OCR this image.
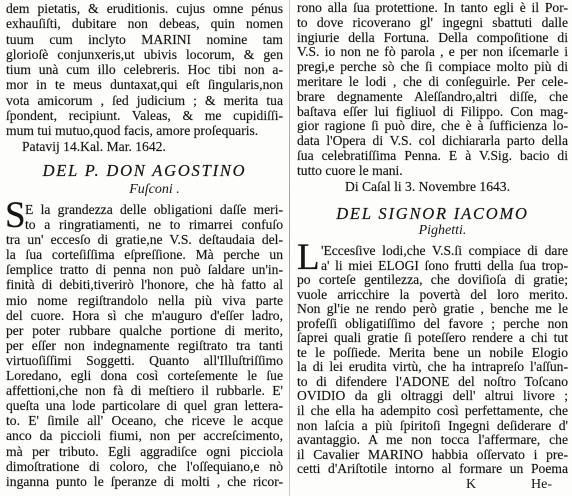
dem pietatis, & eruditionis. cujus omne pénus
exhauſiſti, dubitare non debeas, quin nomen
tuum cum inclyto MARINI nomine tam
glorioſè conjunxeris,ut ubivis locorum, & gen
tium unà cum illo celebreris. Hoc tibi non a-
mor in te meus duntaxat,qui eſt ſingularis,non
vota amicorum , ſed judicium ; & merita tua
ſpondent, recipiunt. Valeas, & me cupidiſſi-
mum tui mutuo,quod facis, amore proſequaris.
Patavij 14.Kal. Mar. 1642.
DEL P. DON AGOSTINO
Fuſconi .
S E la grandezza delle obligationi daſſe meri-
to a ringratiamenti, ne to rimarrei confuſo
tra un' eccesſo di gratie,ne V.S. deſtaudaia del-
la ſua corteſiſſima eſpreſſione. Mà perche un
ſemplice tratto di penna non può ſaldare un'in-
finità di debiti,tiverirò l'honore, che hà fatto al
mio nome regiſtrandolo nella più viva parte
del cuore. Hora sì che m'auguro d'eſſer ladro,
per poter rubbare qualche portione di merito,
per eſſer non indegnamente regiſtrato tra tanti
virtuoſiſſimi Soggetti. Quanto all'Illuſtriſſimo
Loredano, egli dona così corteſemente le ſue
affettioni,che non fà di meſtiero il rubbarle. E'
queſta una lode particolare di quel gran lettera-
to. E' ſimile all' Oceano, che riceve le acque
anco da piccioli fiumi, non per accreſcimento,
mà per tributo. Egli aggradiſce ogni picciola
dimoſtratione di coloro, che l'oſſequiano,e nò
inganna punto le ſperanze di molti , che ricor-
rono alla ſua protettione. In tanto egli è il Por-
to dove ricoverano gl' ingegni sbattuti dalle
ingiurie della Fortuna. Della compoſitione di
V.S. io non ne fò parola , e per non iſcemarle i
pregi,e perche sò che ſi compiace molto più di
meritare le lodi , che di conſeguirle. Per cele-
brare degnamente Aleſſandro,altri diſſe, che
baſtava eſſer lui figliuol di Filippo. Con mag-
gior ragione ſi può dire, che è à ſufficienza lo-
data l'Opera di V.S. col dichiararla parto della
ſua celebratiſſima Penna. E à V.Sig. bacio di
tutto cuore le mani.
Di Caſal li 3. Novembre 1643.
DEL SIGNOR IACOMO
Pighetti.
L 'Eccesſive lodi,che V.S.ſi compiace di dare
a' li miei ELOGI ſono frutti della ſua trop-
po corteſe gentilezza, che doviſioſa di gratie;
vuole arricchire la povertà del loro merito.
Non gl'ie ne rendo però gratie , benche me le
profeſſi obligatiſſimo del favore ; perche non
ſaprei quali gratie ſi poteſſero rendere a chi tut
te le poſſiede. Merita bene un nobile Elogio
la di lei erudita virtù, che ha intrapreſo l'aſſun-
to di difendere l'ADONE del noſtro Toſcano
OVIDIO da gli oltraggi dell' altrui livore ;
il che ella ha adempito così perfettamente, che
non laſcia a più ſpiritoſi Ingegni deſiderare d'
avantaggio. A me non tocca l'affermare, che
il Cavalier MARINO habbia oſſervato i pre-
cetti d'Ariſtotile intorno al formare un Poema
K	He-
